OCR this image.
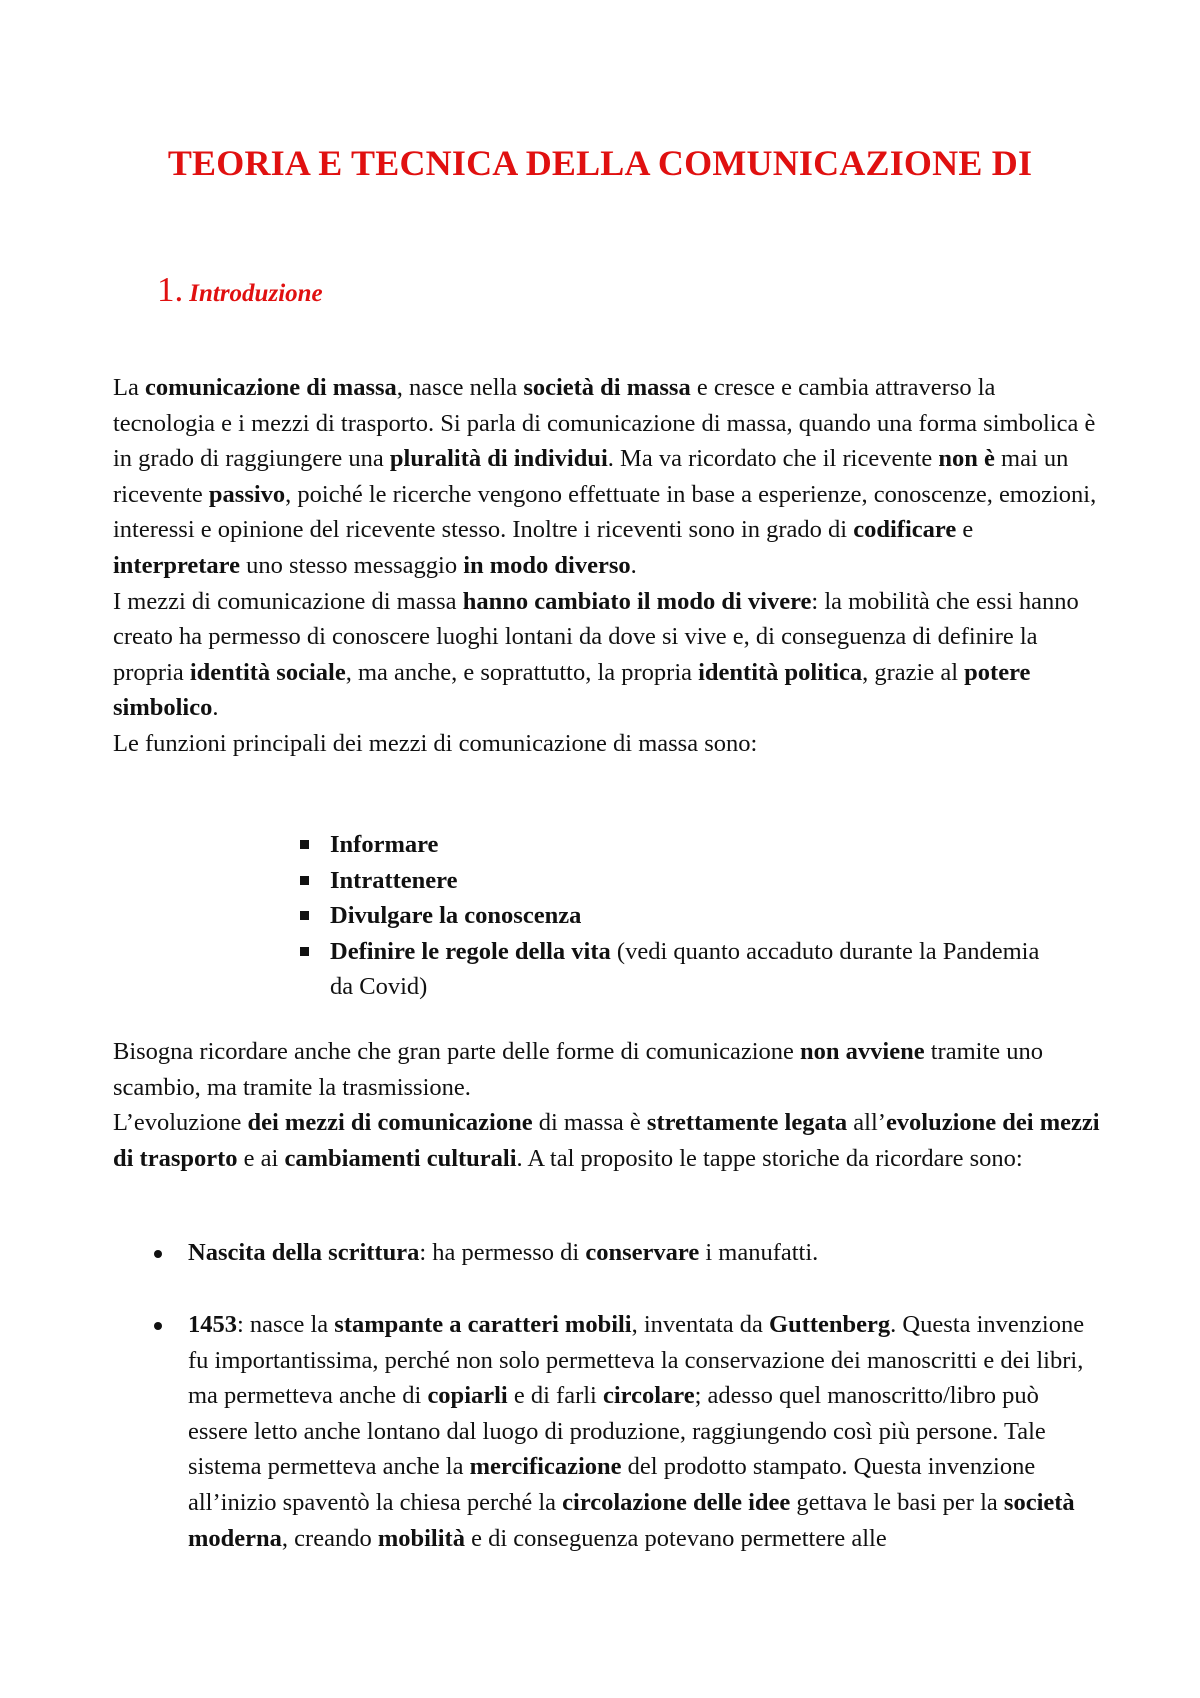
TEORIA E TECNICA DELLA COMUNICAZIONE DI
1. Introduzione

La comunicazione di massa, nasce nella società di massa e cresce e cambia attraverso la tecnologia e i mezzi di trasporto. Si parla di comunicazione di massa, quando una forma simbolica è in grado di raggiungere una pluralità di individui. Ma va ricordato che il ricevente non è mai un ricevente passivo, poiché le ricerche vengono effettuate in base a esperienze, conoscenze, emozioni, interessi e opinione del ricevente stesso. Inoltre i riceventi sono in grado di codificare e interpretare uno stesso messaggio in modo diverso.

I mezzi di comunicazione di massa hanno cambiato il modo di vivere: la mobilità che essi hanno creato ha permesso di conoscere luoghi lontani da dove si vive e, di conseguenza di definire la propria identità sociale, ma anche, e soprattutto, la propria identità politica, grazie al potere simbolico.

Le funzioni principali dei mezzi di comunicazione di massa sono:

Informare
Intrattenere
Divulgare la conoscenza
Definire le regole della vita (vedi quanto accaduto durante la Pandemia da Covid)

Bisogna ricordare anche che gran parte delle forme di comunicazione non avviene tramite uno scambio, ma tramite la trasmissione.

L’evoluzione dei mezzi di comunicazione di massa è strettamente legata all’evoluzione dei mezzi di trasporto e ai cambiamenti culturali. A tal proposito le tappe storiche da ricordare sono:

Nascita della scrittura: ha permesso di conservare i manufatti.
1453: nasce la stampante a caratteri mobili, inventata da Guttenberg. Questa invenzione fu importantissima, perché non solo permetteva la conservazione dei manoscritti e dei libri, ma permetteva anche di copiarli e di farli circolare; adesso quel manoscritto/libro può essere letto anche lontano dal luogo di produzione, raggiungendo così più persone. Tale sistema permetteva anche la mercificazione del prodotto stampato. Questa invenzione all’inizio spaventò la chiesa perché la circolazione delle idee gettava le basi per la società moderna, creando mobilità e di conseguenza potevano permettere alle
